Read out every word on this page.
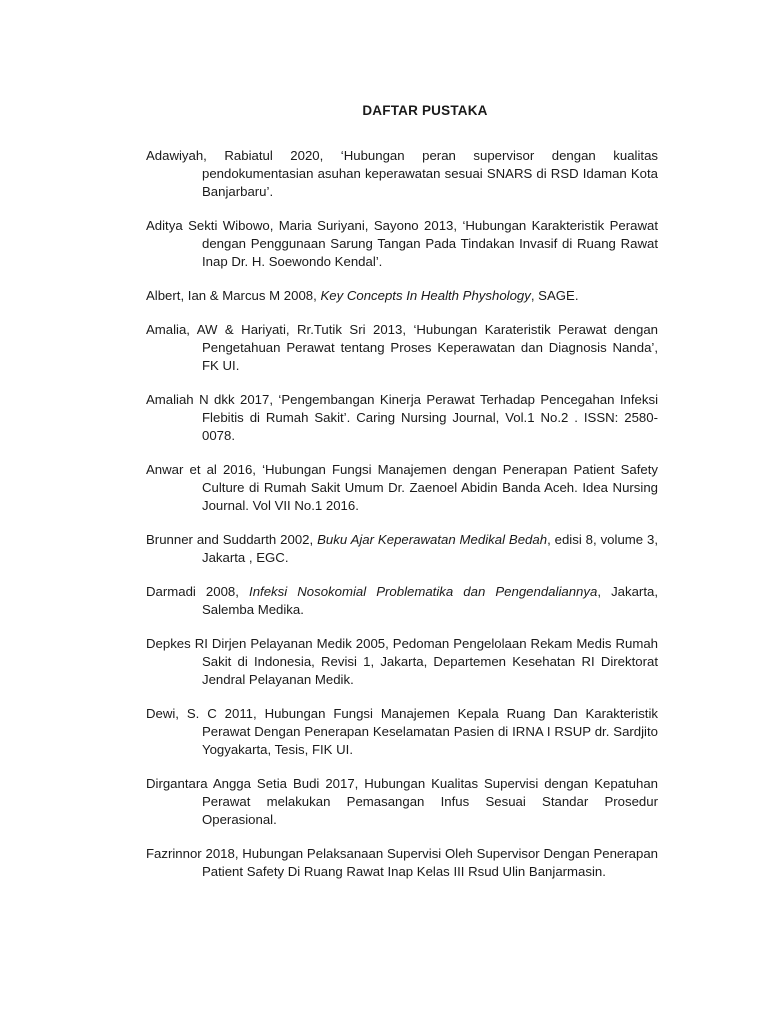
DAFTAR PUSTAKA
Adawiyah, Rabiatul 2020, ‘Hubungan peran supervisor dengan kualitas pendokumentasian asuhan keperawatan sesuai SNARS di RSD Idaman Kota Banjarbaru’.
Aditya Sekti Wibowo, Maria Suriyani, Sayono 2013, ‘Hubungan Karakteristik Perawat dengan Penggunaan Sarung Tangan Pada Tindakan Invasif di Ruang Rawat Inap Dr. H. Soewondo Kendal’.
Albert, Ian & Marcus M 2008, Key Concepts In Health Physhology, SAGE.
Amalia, AW & Hariyati, Rr.Tutik Sri 2013, ‘Hubungan Karateristik Perawat dengan Pengetahuan Perawat tentang Proses Keperawatan dan Diagnosis Nanda’, FK UI.
Amaliah N dkk 2017, ‘Pengembangan Kinerja Perawat Terhadap Pencegahan Infeksi Flebitis di Rumah Sakit’. Caring Nursing Journal, Vol.1 No.2 . ISSN: 2580-0078.
Anwar et al 2016, ‘Hubungan Fungsi Manajemen dengan Penerapan Patient Safety Culture di Rumah Sakit Umum Dr. Zaenoel Abidin Banda Aceh. Idea Nursing Journal. Vol VII No.1 2016.
Brunner and Suddarth 2002, Buku Ajar Keperawatan Medikal Bedah, edisi 8, volume 3, Jakarta , EGC.
Darmadi 2008, Infeksi Nosokomial Problematika dan Pengendaliannya, Jakarta, Salemba Medika.
Depkes RI Dirjen Pelayanan Medik 2005, Pedoman Pengelolaan Rekam Medis Rumah Sakit di Indonesia, Revisi 1, Jakarta, Departemen Kesehatan RI Direktorat Jendral Pelayanan Medik.
Dewi, S. C 2011, Hubungan Fungsi Manajemen Kepala Ruang Dan Karakteristik Perawat Dengan Penerapan Keselamatan Pasien di IRNA I RSUP dr. Sardjito Yogyakarta, Tesis, FIK UI.
Dirgantara Angga Setia Budi 2017, Hubungan Kualitas Supervisi dengan Kepatuhan Perawat melakukan Pemasangan Infus Sesuai Standar Prosedur Operasional.
Fazrinnor 2018, Hubungan Pelaksanaan Supervisi Oleh Supervisor Dengan Penerapan Patient Safety Di Ruang Rawat Inap Kelas III Rsud Ulin Banjarmasin.
